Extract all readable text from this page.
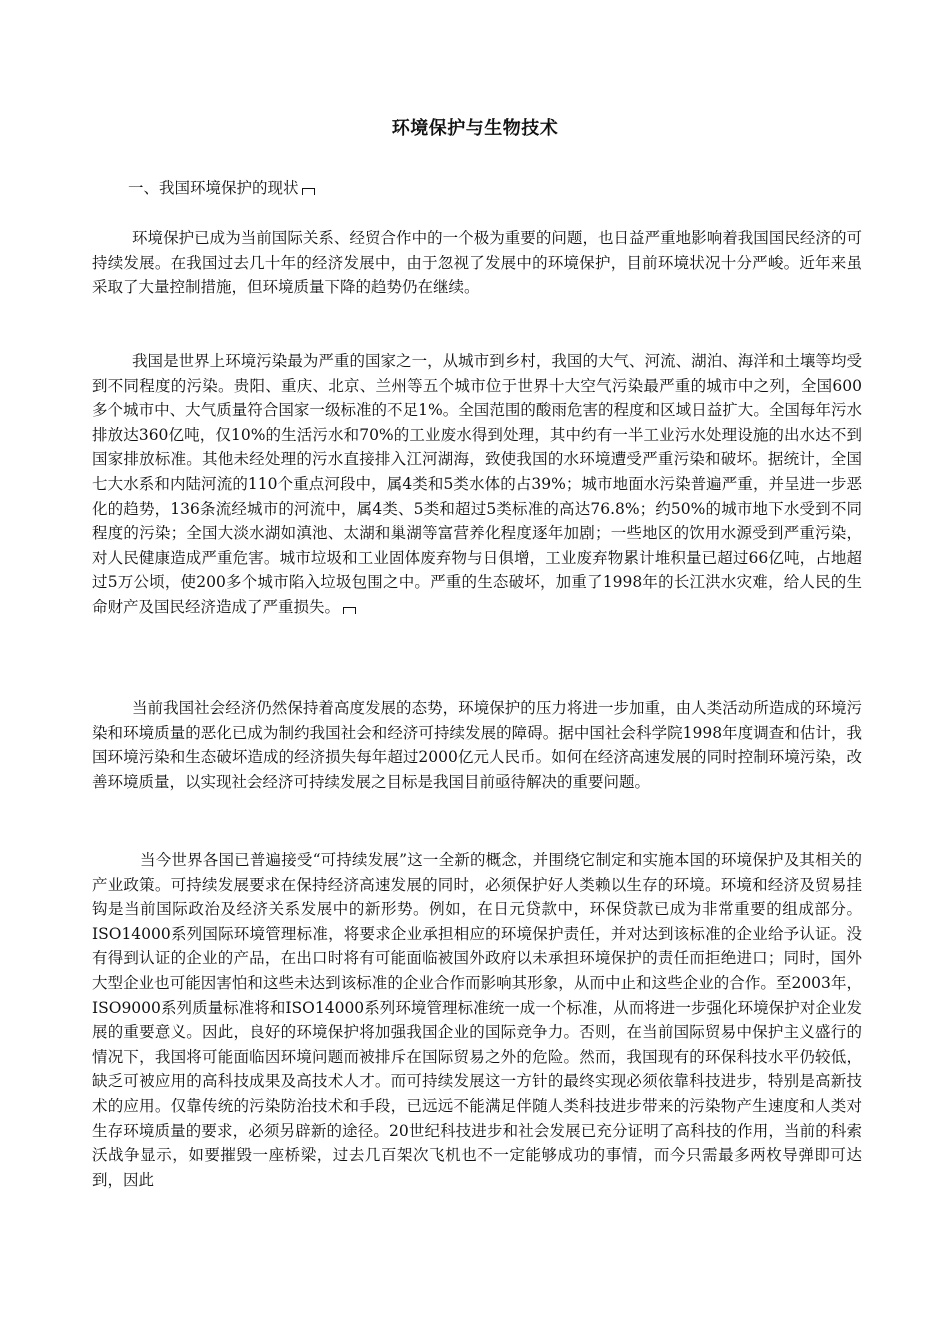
环境保护与生物技术
一、我国环境保护的现状

环境保护已成为当前国际关系、经贸合作中的一个极为重要的问题，也日益严重地影响着我国国民经济的可持续发展。在我国过去几十年的经济发展中，由于忽视了发展中的环境保护，目前环境状况十分严峻。近年来虽采取了大量控制措施，但环境质量下降的趋势仍在继续。

我国是世界上环境污染最为严重的国家之一，从城市到乡村，我国的大气、河流、湖泊、海洋和土壤等均受到不同程度的污染。贵阳、重庆、北京、兰州等五个城市位于世界十大空气污染最严重的城市中之列，全国600多个城市中、大气质量符合国家一级标准的不足1%。全国范围的酸雨危害的程度和区域日益扩大。全国每年污水排放达360亿吨，仅10%的生活污水和70%的工业废水得到处理，其中约有一半工业污水处理设施的出水达不到国家排放标准。其他未经处理的污水直接排入江河湖海，致使我国的水环境遭受严重污染和破坏。据统计，全国七大水系和内陆河流的110个重点河段中，属4类和5类水体的占39%；城市地面水污染普遍严重，并呈进一步恶化的趋势，136条流经城市的河流中，属4类、5类和超过5类标准的高达76.8%；约50%的城市地下水受到不同程度的污染；全国大淡水湖如滇池、太湖和巢湖等富营养化程度逐年加剧；一些地区的饮用水源受到严重污染，对人民健康造成严重危害。城市垃圾和工业固体废弃物与日俱增，工业废弃物累计堆积量已超过66亿吨，占地超过5万公顷，使200多个城市陷入垃圾包围之中。严重的生态破坏，加重了1998年的长江洪水灾难，给人民的生命财产及国民经济造成了严重损失。

当前我国社会经济仍然保持着高度发展的态势，环境保护的压力将进一步加重，由人类活动所造成的环境污染和环境质量的恶化已成为制约我国社会和经济可持续发展的障碍。据中国社会科学院1998年度调查和估计，我国环境污染和生态破坏造成的经济损失每年超过2000亿元人民币。如何在经济高速发展的同时控制环境污染，改善环境质量，以实现社会经济可持续发展之目标是我国目前亟待解决的重要问题。

当今世界各国已普遍接受“可持续发展”这一全新的概念，并围绕它制定和实施本国的环境保护及其相关的产业政策。可持续发展要求在保持经济高速发展的同时，必须保护好人类赖以生存的环境。环境和经济及贸易挂钩是当前国际政治及经济关系发展中的新形势。例如，在日元贷款中，环保贷款已成为非常重要的组成部分。ISO14000系列国际环境管理标准，将要求企业承担相应的环境保护责任，并对达到该标准的企业给予认证。没有得到认证的企业的产品，在出口时将有可能面临被国外政府以未承担环境保护的责任而拒绝进口；同时，国外大型企业也可能因害怕和这些未达到该标准的企业合作而影响其形象，从而中止和这些企业的合作。至2003年，ISO9000系列质量标准将和ISO14000系列环境管理标准统一成一个标准，从而将进一步强化环境保护对企业发展的重要意义。因此，良好的环境保护将加强我国企业的国际竞争力。否则，在当前国际贸易中保护主义盛行的情况下，我国将可能面临因环境问题而被排斥在国际贸易之外的危险。然而，我国现有的环保科技水平仍较低，缺乏可被应用的高科技成果及高技术人才。而可持续发展这一方针的最终实现必须依靠科技进步，特别是高新技术的应用。仅靠传统的污染防治技术和手段，已远远不能满足伴随人类科技进步带来的污染物产生速度和人类对生存环境质量的要求，必须另辟新的途径。20世纪科技进步和社会发展已充分证明了高科技的作用，当前的科索沃战争显示，如要摧毁一座桥梁，过去几百架次飞机也不一定能够成功的事情，而今只需最多两枚导弹即可达到，因此
